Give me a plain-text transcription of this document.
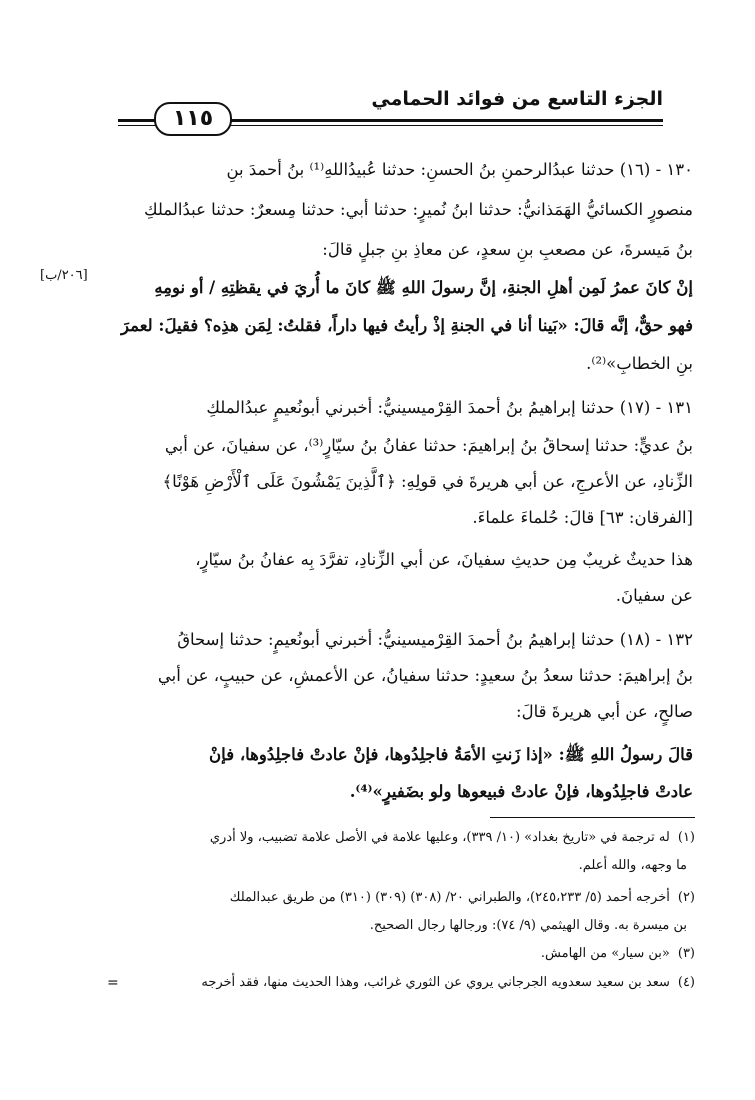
الجزء التاسع من فوائد الحمامي
١١٥
[٢٠٦/ب]
١٣٠ - (١٦) حدثنا عبدُالرحمنِ بنُ الحسنِ: حدثنا عُبيدُاللهِ⁽¹⁾ بنُ أحمدَ بنِ
منصورٍ الكسائيُّ الهَمَذانيُّ: حدثنا ابنُ نُميرٍ: حدثنا أبي: حدثنا مِسعرٌ: حدثنا عبدُالملكِ
بنُ مَيسرةَ، عن مصعبِ بنِ سعدٍ، عن معاذِ بنِ جبلٍ قالَ:
إنْ كانَ عمرُ لَمِن أهلِ الجنةِ، إنَّ رسولَ اللهِ ﷺ كانَ ما أُريَ في يقظتِهِ / أو نومِهِ
فهو حقٌّ، إنَّه قالَ: «بَينا أنا في الجنةِ إذْ رأيتُ فيها داراً، فقلتُ: لِمَن هذِه؟ فقيلَ: لعمرَ
بنِ الخطابِ»⁽²⁾.
١٣١ - (١٧) حدثنا إبراهيمُ بنُ أحمدَ القِرْميسينيُّ: أخبرني أبونُعيمٍ عبدُالملكِ
بنُ عديٍّ: حدثنا إسحاقُ بنُ إبراهيمَ: حدثنا عفانُ بنُ سيّارٍ⁽³⁾، عن سفيانَ، عن أبي
الزِّنادِ، عن الأعرجِ، عن أبي هريرةَ في قولِهِ: ﴿ٱلَّذِينَ يَمْشُونَ عَلَى ٱلْأَرْضِ هَوْنًا﴾
[الفرقان: ٦٣] قالَ: حُلماءَ علماءَ.
هذا حديثٌ غريبٌ مِن حديثِ سفيانَ، عن أبي الزِّنادِ، تفرَّدَ بِه عفانُ بنُ سيّارٍ،
عن سفيانَ.
١٣٢ - (١٨) حدثنا إبراهيمُ بنُ أحمدَ القِرْميسينيُّ: أخبرني أبونُعيمٍ: حدثنا إسحاقُ
بنُ إبراهيمَ: حدثنا سعدُ بنُ سعيدٍ: حدثنا سفيانُ، عن الأعمشِ، عن حبيبٍ، عن أبي
صالحٍ، عن أبي هريرةَ قالَ:
قالَ رسولُ اللهِ ﷺ: «إذا زَنتِ الأمَةُ فاجلِدُوها، فإنْ عادتْ فاجلِدُوها، فإنْ
عادتْ فاجلِدُوها، فإنْ عادتْ فبيعوها ولو بضَفيرٍ»⁽⁴⁾.
(١)له ترجمة في «تاريخ بغداد» (١٠/ ٣٣٩)، وعليها علامة في الأصل علامة تضبيب، ولا أدري
ما وجهه، والله أعلم.
(٢)أخرجه أحمد (٥/ ٢٤٥،٢٣٣)، والطبراني ٢٠/ (٣٠٨) (٣٠٩) (٣١٠) من طريق عبدالملك
بن ميسرة به. وقال الهيثمي (٩/ ٧٤): ورجالها رجال الصحيح.
(٣)«بن سيار» من الهامش.
(٤)سعد بن سعيد سعدويه الجرجاني يروي عن الثوري غرائب، وهذا الحديث منها، فقد أخرجه
=
